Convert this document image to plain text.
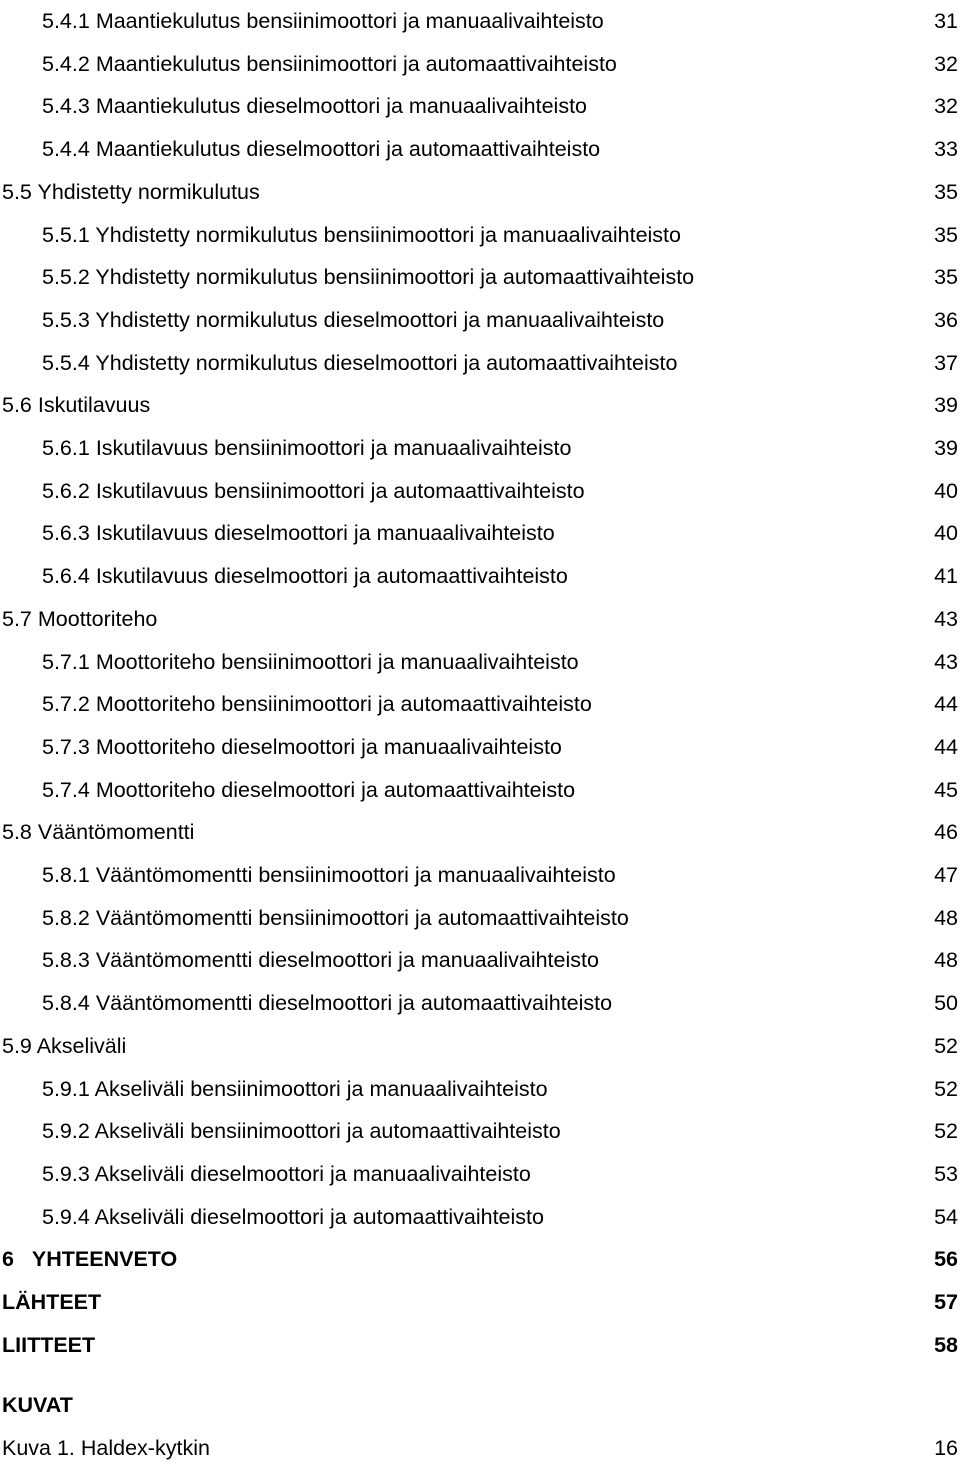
5.4.1 Maantiekulutus bensiinimoottori ja manuaalivaihteisto	31
5.4.2 Maantiekulutus bensiinimoottori ja automaattivaihteisto	32
5.4.3 Maantiekulutus dieselmoottori ja manuaalivaihteisto	32
5.4.4 Maantiekulutus dieselmoottori ja automaattivaihteisto	33
5.5 Yhdistetty normikulutus	35
5.5.1 Yhdistetty normikulutus bensiinimoottori ja manuaalivaihteisto	35
5.5.2 Yhdistetty normikulutus bensiinimoottori ja automaattivaihteisto	35
5.5.3 Yhdistetty normikulutus dieselmoottori ja manuaalivaihteisto	36
5.5.4 Yhdistetty normikulutus dieselmoottori ja automaattivaihteisto	37
5.6 Iskutilavuus	39
5.6.1 Iskutilavuus bensiinimoottori ja manuaalivaihteisto	39
5.6.2 Iskutilavuus bensiinimoottori ja automaattivaihteisto	40
5.6.3 Iskutilavuus dieselmoottori ja manuaalivaihteisto	40
5.6.4 Iskutilavuus dieselmoottori ja automaattivaihteisto	41
5.7 Moottoriteho	43
5.7.1 Moottoriteho bensiinimoottori ja manuaalivaihteisto	43
5.7.2 Moottoriteho bensiinimoottori ja automaattivaihteisto	44
5.7.3 Moottoriteho dieselmoottori ja manuaalivaihteisto	44
5.7.4 Moottoriteho dieselmoottori ja automaattivaihteisto	45
5.8 Vääntömomentti	46
5.8.1 Vääntömomentti bensiinimoottori ja manuaalivaihteisto	47
5.8.2 Vääntömomentti bensiinimoottori ja automaattivaihteisto	48
5.8.3 Vääntömomentti dieselmoottori ja manuaalivaihteisto	48
5.8.4 Vääntömomentti dieselmoottori ja automaattivaihteisto	50
5.9 Akseliväli	52
5.9.1 Akseliväli bensiinimoottori ja manuaalivaihteisto	52
5.9.2 Akseliväli bensiinimoottori ja automaattivaihteisto	52
5.9.3 Akseliväli dieselmoottori ja manuaalivaihteisto	53
5.9.4 Akseliväli dieselmoottori ja automaattivaihteisto	54
6 YHTEENVETO	56
LÄHTEET	57
LIITTEET	58
KUVAT
Kuva 1. Haldex-kytkin	16
